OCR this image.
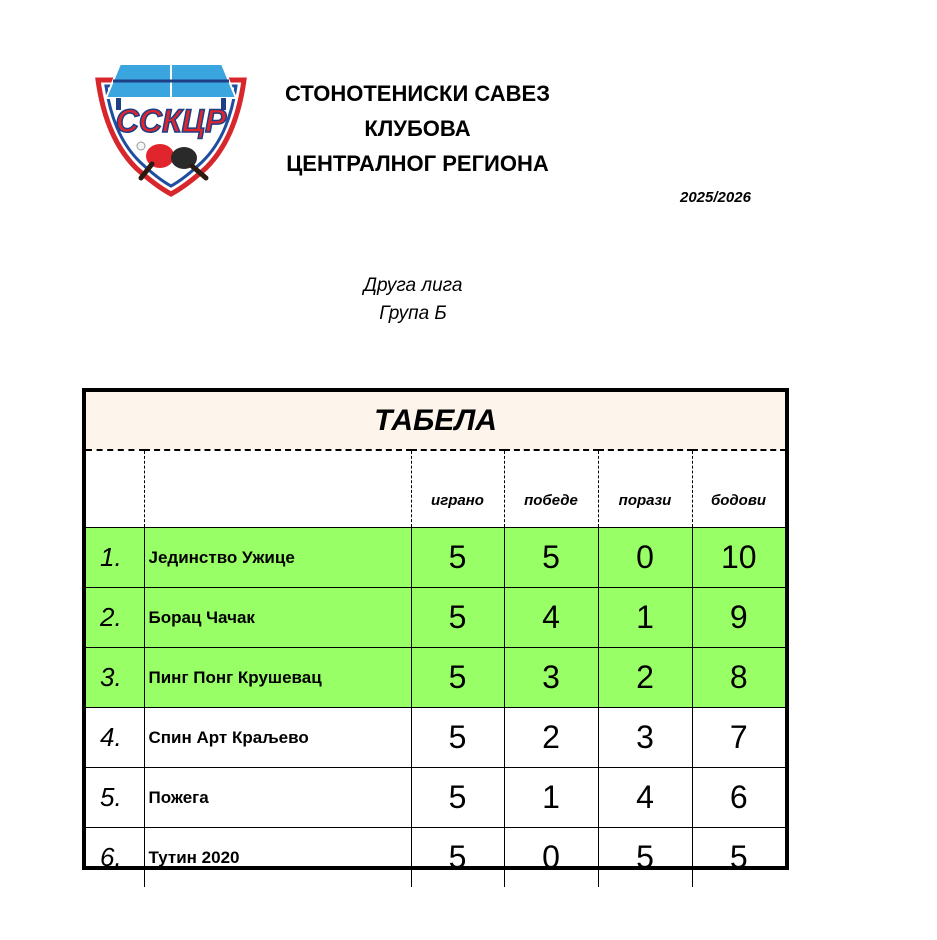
ССКЦР
СТОНОТЕНИСКИ САВЕЗ
КЛУБОВА
ЦЕНТРАЛНОГ РЕГИОНА
2025/2026
Друга лига
Група Б
ТАБЕЛА					
		играно	победе	порази	бодови
1.	Јединство Ужице	5	5	0	10
2.	Борац Чачак	5	4	1	9
3.	Пинг Понг Крушевац	5	3	2	8
4.	Спин Арт Краљево	5	2	3	7
5.	Пожега	5	1	4	6
6.	Тутин 2020	5	0	5	5
